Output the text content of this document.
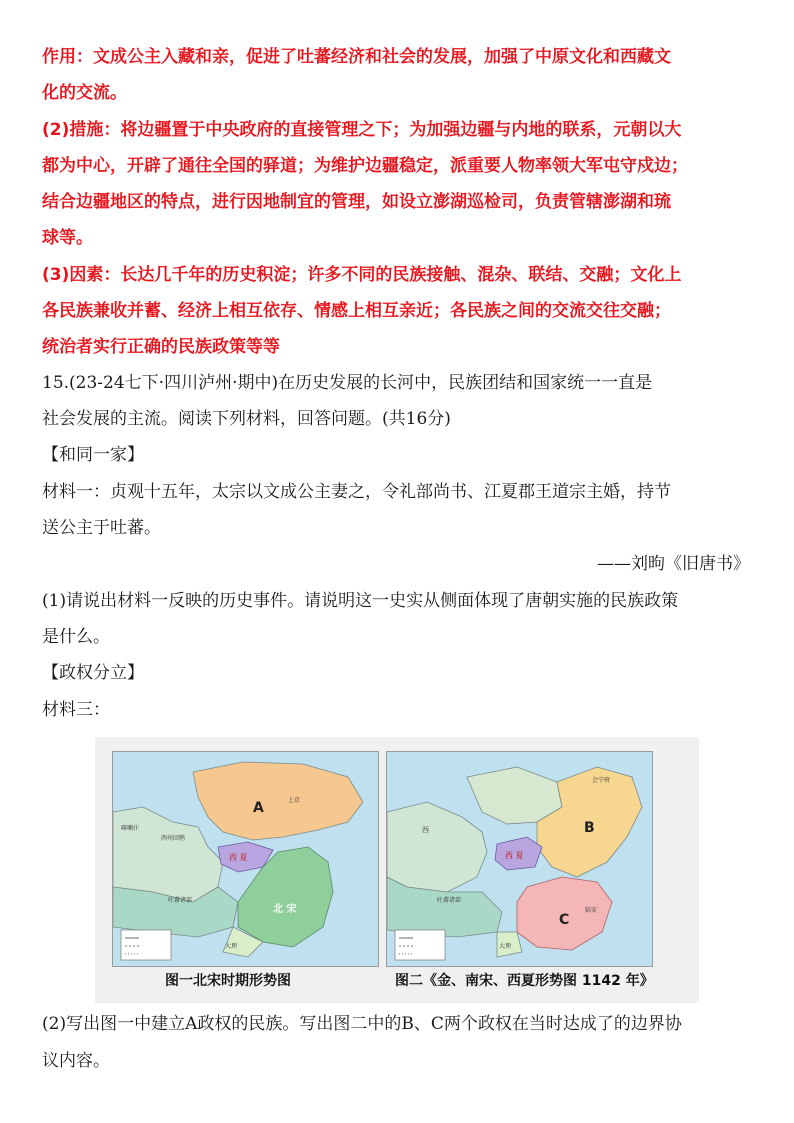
作用：文成公主入藏和亲，促进了吐蕃经济和社会的发展，加强了中原文化和西藏文
化的交流。
(2)措施：将边疆置于中央政府的直接管理之下；为加强边疆与内地的联系，元朝以大
都为中心，开辟了通往全国的驿道；为维护边疆稳定，派重要人物率领大军屯守戍边；
结合边疆地区的特点，进行因地制宜的管理，如设立澎湖巡检司，负责管辖澎湖和琉
球等。
(3)因素：长达几千年的历史积淀；许多不同的民族接触、混杂、联结、交融；文化上
各民族兼收并蓄、经济上相互依存、情感上相互亲近；各民族之间的交流交往交融；
统治者实行正确的民族政策等等
15.(23-24七下·四川泸州·期中)在历史发展的长河中，民族团结和国家统一一直是
社会发展的主流。阅读下列材料，回答问题。(共16分)
【和同一家】
材料一：贞观十五年，太宗以文成公主妻之，令礼部尚书、江夏郡王道宗主婚，持节
送公主于吐蕃。
——刘昫《旧唐书》
(1)请说出材料一反映的历史事件。请说明这一史实从侧面体现了唐朝实施的民族政策
是什么。
【政权分立】
材料三：
A
西 夏
北 宋
喀喇汗
西州回鹘
吐蕃诸部
大理
上京
B
C
西 夏
西
吐蕃诸部
大理
会宁府
临安
图一北宋时期形势图	图二《金、南宋、西夏形势图 1142 年》
(2)写出图一中建立A政权的民族。写出图二中的B、C两个政权在当时达成了的边界协
议内容。
